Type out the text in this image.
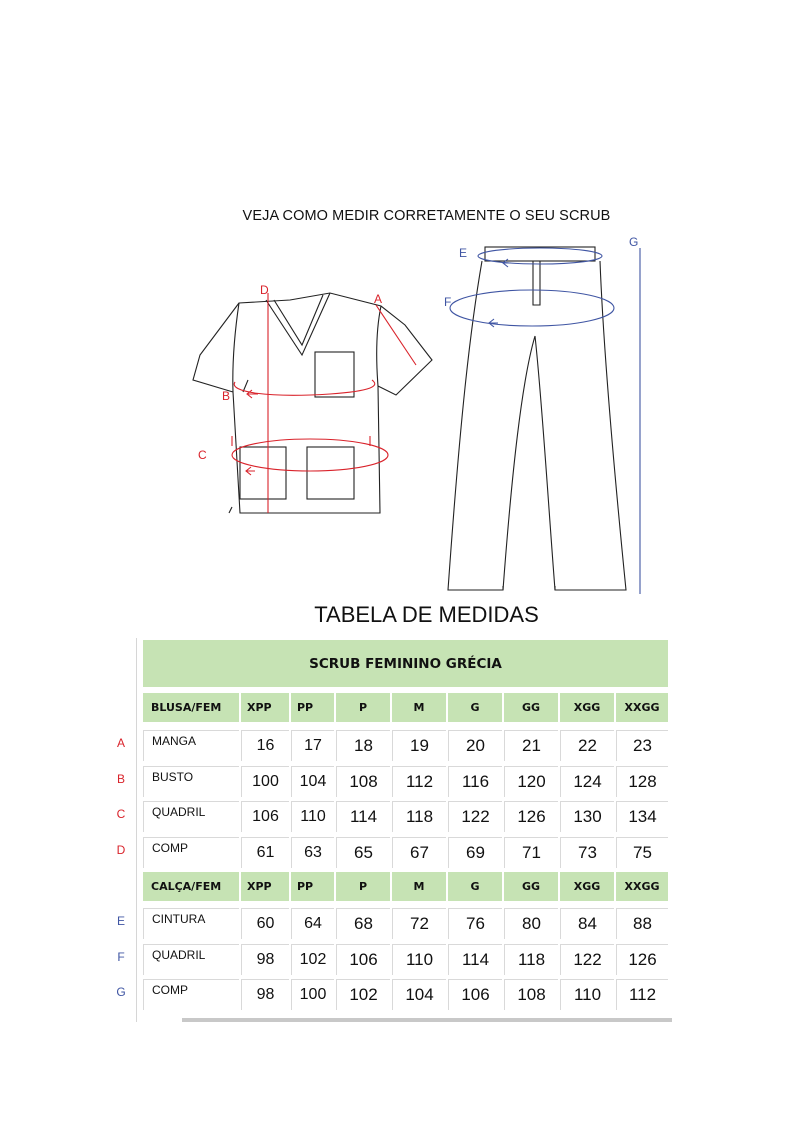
VEJA COMO MEDIR CORRETAMENTE O SEU SCRUB
D
A
B
C
E
F
G
TABELA DE MEDIDAS
SCRUB FEMININO GRÉCIA
BLUSA/FEM	XPP	PP	P	M	G	GG	XGG	XXGG
A	MANGA	16	17	18	19	20	21	22	23
B	BUSTO	100	104	108	112	116	120	124	128
C	QUADRIL	106	110	114	118	122	126	130	134
D	COMP	61	63	65	67	69	71	73	75
CALÇA/FEM	XPP	PP	P	M	G	GG	XGG	XXGG
E	CINTURA	60	64	68	72	76	80	84	88
F	QUADRIL	98	102	106	110	114	118	122	126
G	COMP	98	100	102	104	106	108	110	112
